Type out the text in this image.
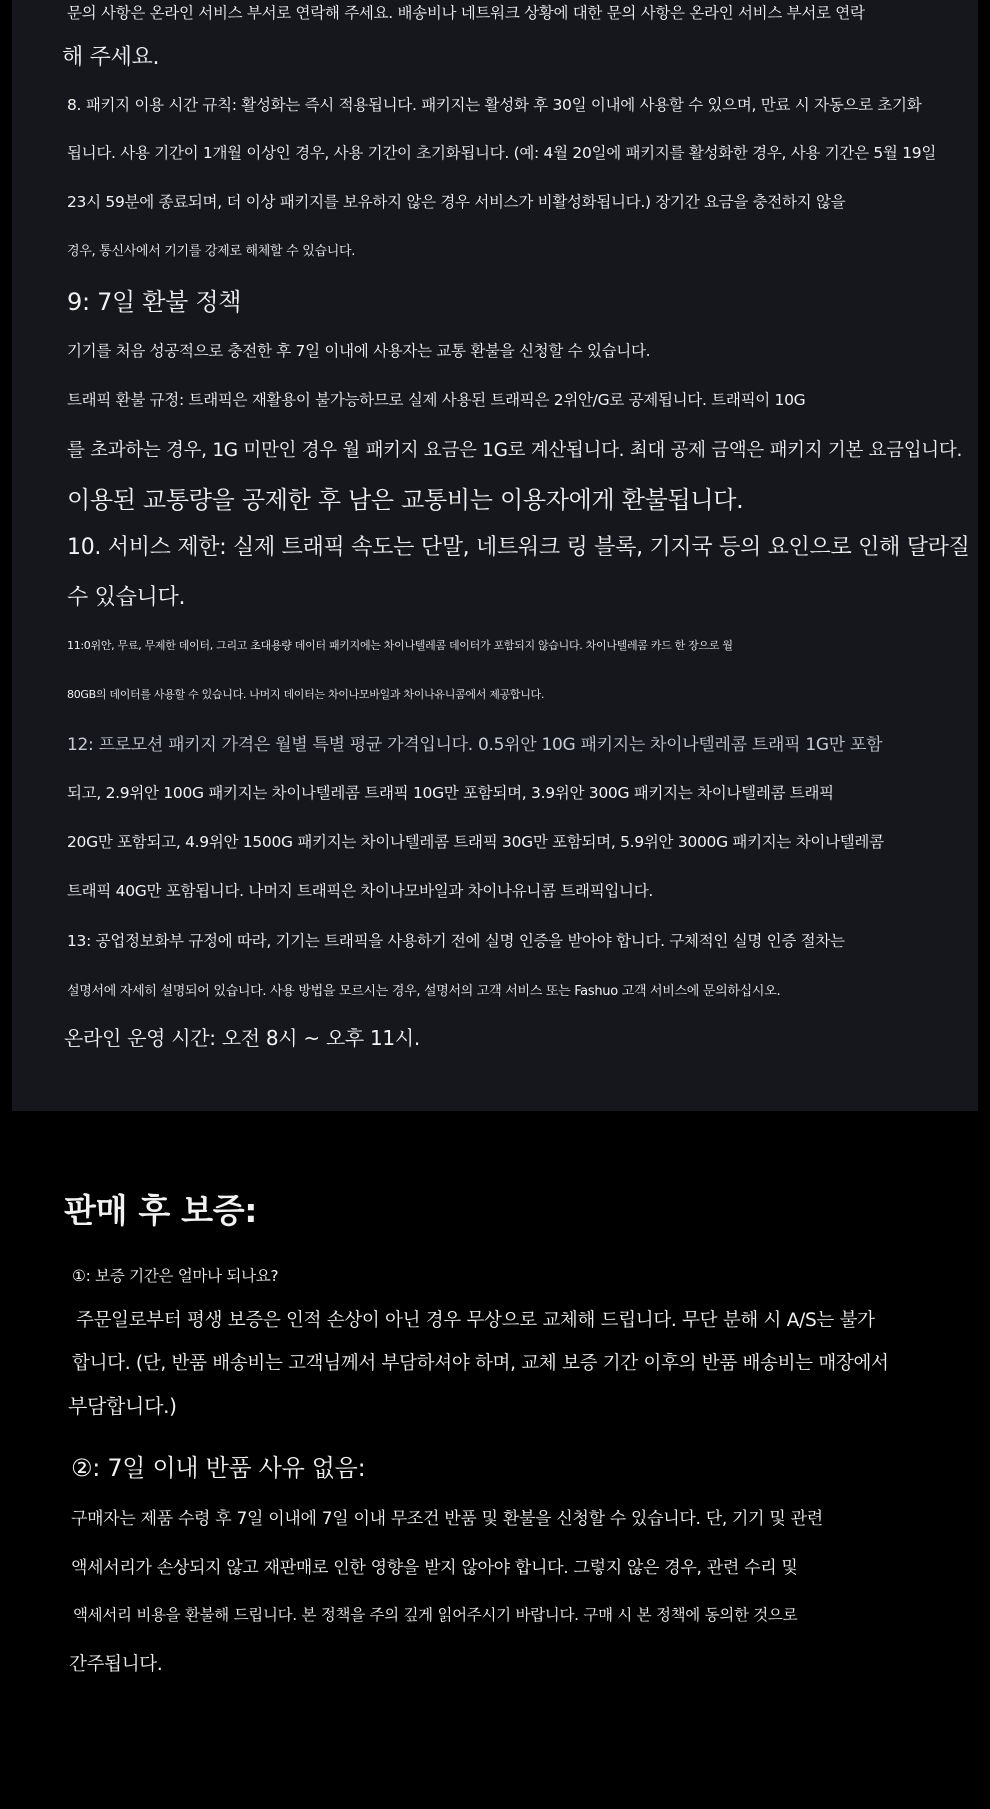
문의 사항은 온라인 서비스 부서로 연락해 주세요. 배송비나 네트워크 상황에 대한 문의 사항은 온라인 서비스 부서로 연락

해 주세요.

8. 패키지 이용 시간 규칙: 활성화는 즉시 적용됩니다. 패키지는 활성화 후 30일 이내에 사용할 수 있으며, 만료 시 자동으로 초기화

됩니다. 사용 기간이 1개월 이상인 경우, 사용 기간이 초기화됩니다. (예: 4월 20일에 패키지를 활성화한 경우, 사용 기간은 5월 19일

23시 59분에 종료되며, 더 이상 패키지를 보유하지 않은 경우 서비스가 비활성화됩니다.) 장기간 요금을 충전하지 않을

경우, 통신사에서 기기를 강제로 해체할 수 있습니다.

9: 7일 환불 정책

기기를 처음 성공적으로 충전한 후 7일 이내에 사용자는 교통 환불을 신청할 수 있습니다.

트래픽 환불 규정: 트래픽은 재활용이 불가능하므로 실제 사용된 트래픽은 2위안/G로 공제됩니다. 트래픽이 10G

를 초과하는 경우, 1G 미만인 경우 월 패키지 요금은 1G로 계산됩니다. 최대 공제 금액은 패키지 기본 요금입니다.

이용된 교통량을 공제한 후 남은 교통비는 이용자에게 환불됩니다.

10. 서비스 제한: 실제 트래픽 속도는 단말, 네트워크 링 블록, 기지국 등의 요인으로 인해 달라질

수 있습니다.

11:0위안, 무료, 무제한 데이터, 그리고 초대용량 데이터 패키지에는 차이나텔레콤 데이터가 포함되지 않습니다. 차이나텔레콤 카드 한 장으로 월

80GB의 데이터를 사용할 수 있습니다. 나머지 데이터는 차이나모바일과 차이나유니콤에서 제공합니다.

12: 프로모션 패키지 가격은 월별 특별 평균 가격입니다. 0.5위안 10G 패키지는 차이나텔레콤 트래픽 1G만 포함

되고, 2.9위안 100G 패키지는 차이나텔레콤 트래픽 10G만 포함되며, 3.9위안 300G 패키지는 차이나텔레콤 트래픽

20G만 포함되고, 4.9위안 1500G 패키지는 차이나텔레콤 트래픽 30G만 포함되며, 5.9위안 3000G 패키지는 차이나텔레콤

트래픽 40G만 포함됩니다. 나머지 트래픽은 차이나모바일과 차이나유니콤 트래픽입니다.

13: 공업정보화부 규정에 따라, 기기는 트래픽을 사용하기 전에 실명 인증을 받아야 합니다. 구체적인 실명 인증 절차는

설명서에 자세히 설명되어 있습니다. 사용 방법을 모르시는 경우, 설명서의 고객 서비스 또는 Fashuo 고객 서비스에 문의하십시오.

온라인 운영 시간: 오전 8시 ~ 오후 11시.

판매 후 보증:

①: 보증 기간은 얼마나 되나요?

주문일로부터 평생 보증은 인적 손상이 아닌 경우 무상으로 교체해 드립니다. 무단 분해 시 A/S는 불가

합니다. (단, 반품 배송비는 고객님께서 부담하셔야 하며, 교체 보증 기간 이후의 반품 배송비는 매장에서

부담합니다.)

②: 7일 이내 반품 사유 없음:

구매자는 제품 수령 후 7일 이내에 7일 이내 무조건 반품 및 환불을 신청할 수 있습니다. 단, 기기 및 관련

액세서리가 손상되지 않고 재판매로 인한 영향을 받지 않아야 합니다. 그렇지 않은 경우, 관련 수리 및

액세서리 비용을 환불해 드립니다. 본 정책을 주의 깊게 읽어주시기 바랍니다. 구매 시 본 정책에 동의한 것으로

간주됩니다.
